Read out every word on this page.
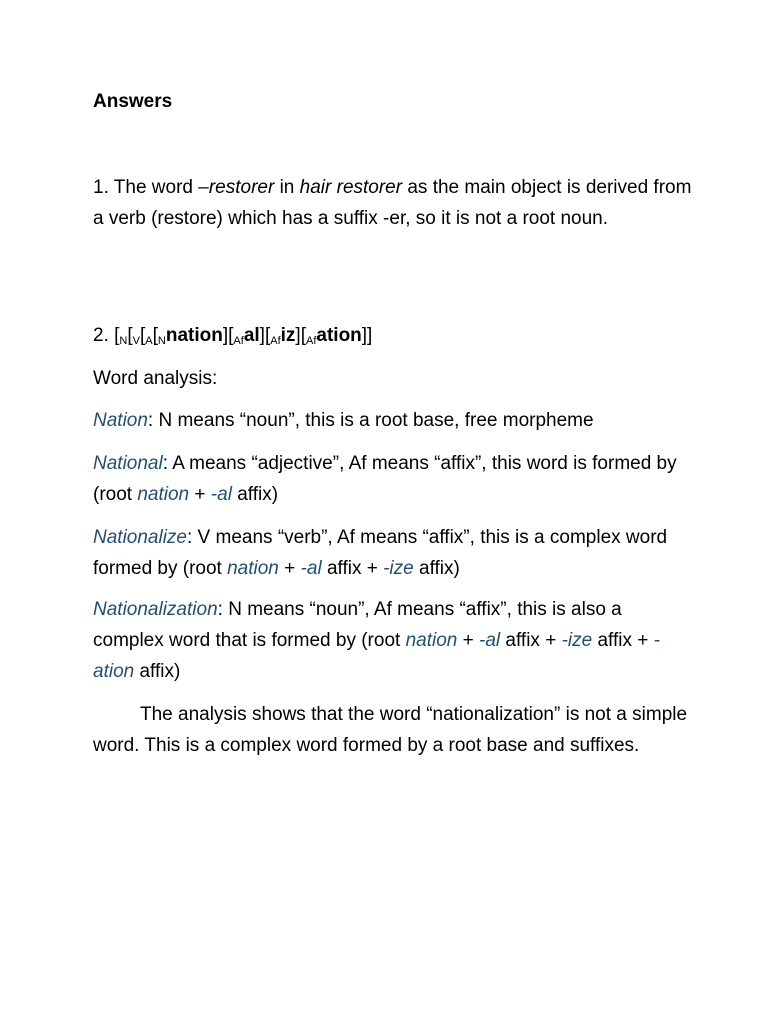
Answers

1. The word –restorer in hair restorer as the main object is derived from a verb (restore) which has a suffix -er, so it is not a root noun.

2. [$_N[_V[_A[_Nnation][_{Af}al][_{Af}iz][_{Af}ation]]$

Word analysis:

Nation: N means “noun”, this is a root base, free morpheme

National: A means “adjective”, Af means “affix”, this word is formed by (root nation + -al affix)

Nationalize: V means “verb”, Af means “affix”, this is a complex word formed by (root nation + -al affix + -ize affix)

Nationalization: N means “noun”, Af means “affix”, this is also a complex word that is formed by (root nation + -al affix + -ize affix + -ation affix)

The analysis shows that the word “nationalization” is not a simple word. This is a complex word formed by a root base and suffixes.
